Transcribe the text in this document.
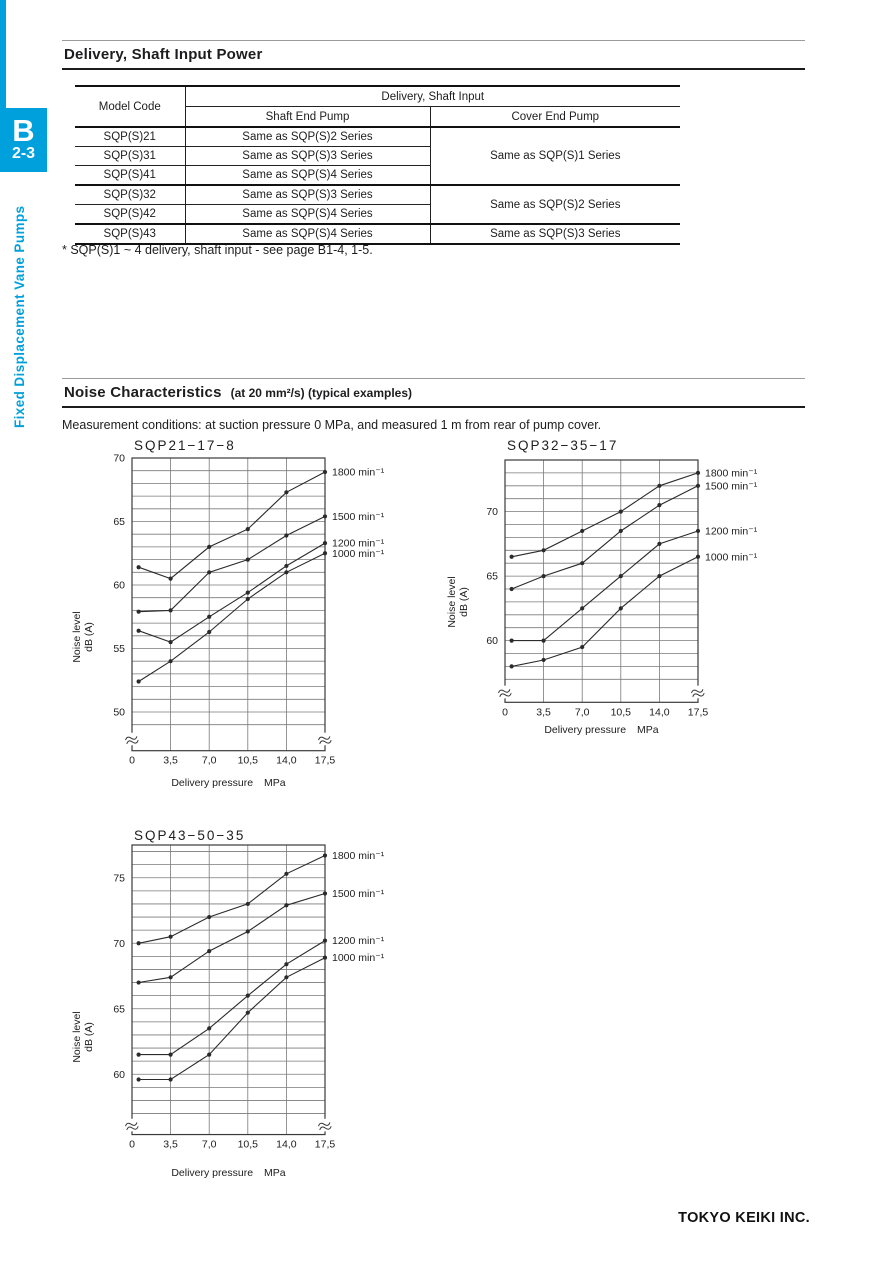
B
2-3
Fixed Displacement Vane Pumps
Delivery, Shaft Input Power
Model Code	Delivery, Shaft Input	
	Shaft End Pump	Cover End Pump
SQP(S)21	Same as SQP(S)2 Series	Same as SQP(S)1 Series
SQP(S)31	Same as SQP(S)3 Series	
SQP(S)41	Same as SQP(S)4 Series	
SQP(S)32	Same as SQP(S)3 Series	Same as SQP(S)2 Series
SQP(S)42	Same as SQP(S)4 Series	
SQP(S)43	Same as SQP(S)4 Series	Same as SQP(S)3 Series
* SQP(S)1 ~ 4 delivery, shaft input - see page B1-4, 1-5.
Noise Characteristics (at 20 mm²/s) (typical examples)
Measurement conditions: at suction pressure 0 MPa, and measured 1 m from rear of pump cover.
SQP21−17−8
1800 min⁻¹
1500 min⁻¹
1200 min⁻¹
1000 min⁻¹
70
65
60
55
50
0	3,5 7,0 10,5 14,0 17,5
Delivery pressure MPa
Noise level dB (A)
SQP32−35−17
1800 min⁻¹
1500 min⁻¹
1200 min⁻¹
1000 min⁻¹
70
65
60
0	3,5 7,0 10,5 14,0 17,5
Delivery pressure MPa
Noise level dB (A)
SQP43−50−35
1800 min⁻¹
1500 min⁻¹
1200 min⁻¹
1000 min⁻¹
75
70
65
60
0	3,5 7,0 10,5 14,0 17,5
Delivery pressure MPa
Noise level dB (A)
TOKYO KEIKI INC.
